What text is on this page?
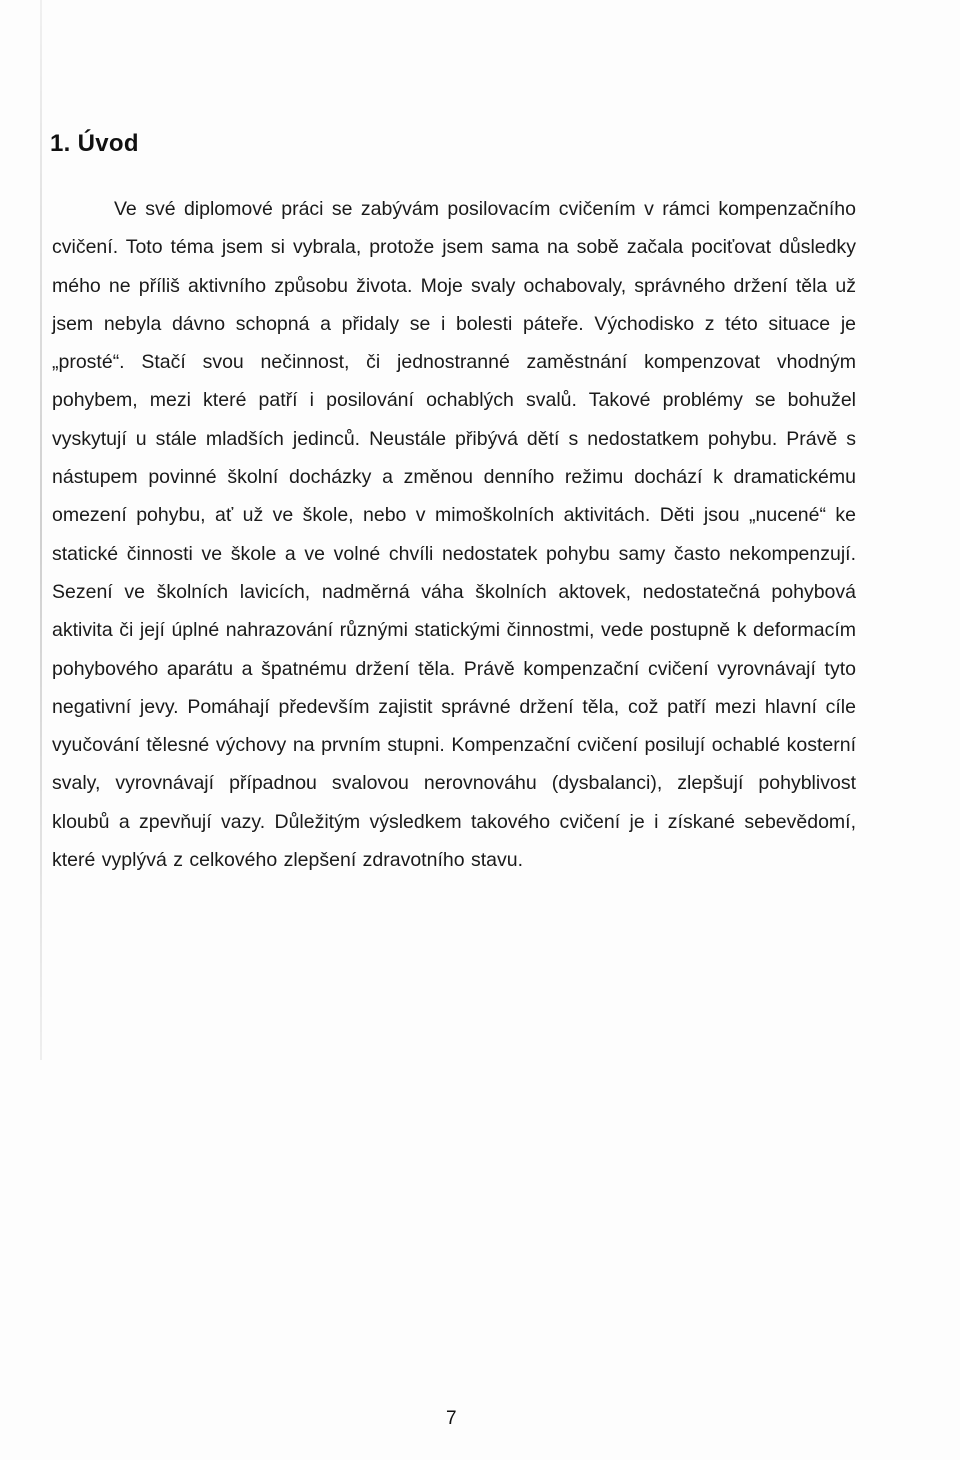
1. Úvod

Ve své diplomové práci se zabývám posilovacím cvičením v rámci kompenzačního cvičení. Toto téma jsem si vybrala, protože jsem sama na sobě začala pociťovat důsledky mého ne příliš aktivního způsobu života. Moje svaly ochabovaly, správného držení těla už jsem nebyla dávno schopná a přidaly se i bolesti páteře. Východisko z této situace je „prosté“. Stačí svou nečinnost, či jednostranné zaměstnání kompenzovat vhodným pohybem, mezi které patří i posilování ochablých svalů. Takové problémy se bohužel vyskytují u stále mladších jedinců. Neustále přibývá dětí s nedostatkem pohybu. Právě s nástupem povinné školní docházky a změnou denního režimu dochází k dramatickému omezení pohybu, ať už ve škole, nebo v mimoškolních aktivitách. Děti jsou „nucené“ ke statické činnosti ve škole a ve volné chvíli nedostatek pohybu samy často nekompenzují. Sezení ve školních lavicích, nadměrná váha školních aktovek, nedostatečná pohybová aktivita či její úplné nahrazování různými statickými činnostmi, vede postupně k deformacím pohybového aparátu a špatnému držení těla. Právě kompenzační cvičení vyrovnávají tyto negativní jevy. Pomáhají především zajistit správné držení těla, což patří mezi hlavní cíle vyučování tělesné výchovy na prvním stupni. Kompenzační cvičení posilují ochablé kosterní svaly, vyrovnávají případnou svalovou nerovnováhu (dysbalanci), zlepšují pohyblivost kloubů a zpevňují vazy. Důležitým výsledkem takového cvičení je i získané sebevědomí, které vyplývá z celkového zlepšení zdravotního stavu.

7
